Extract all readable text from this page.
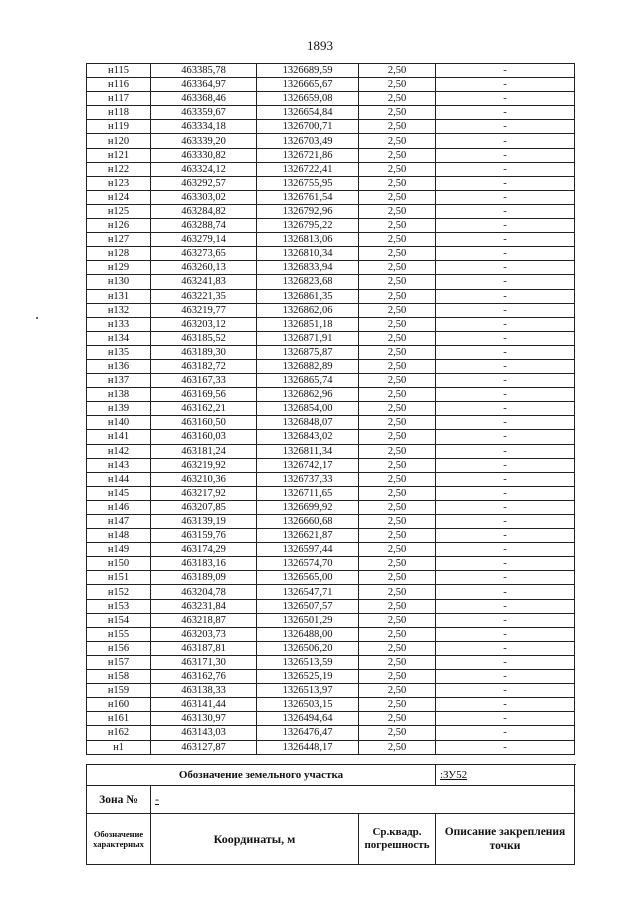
1893
н115	463385,78	1326689,59	2,50	-
н116	463364,97	1326665,67	2,50	-
н117	463368,46	1326659,08	2,50	-
н118	463359,67	1326654,84	2,50	-
н119	463334,18	1326700,71	2,50	-
н120	463339,20	1326703,49	2,50	-
н121	463330,82	1326721,86	2,50	-
н122	463324,12	1326722,41	2,50	-
н123	463292,57	1326755,95	2,50	-
н124	463303,02	1326761,54	2,50	-
н125	463284,82	1326792,96	2,50	-
н126	463288,74	1326795,22	2,50	-
н127	463279,14	1326813,06	2,50	-
н128	463273,65	1326810,34	2,50	-
н129	463260,13	1326833,94	2,50	-
н130	463241,83	1326823,68	2,50	-
н131	463221,35	1326861,35	2,50	-
н132	463219,77	1326862,06	2,50	-
н133	463203,12	1326851,18	2,50	-
н134	463185,52	1326871,91	2,50	-
н135	463189,30	1326875,87	2,50	-
н136	463182,72	1326882,89	2,50	-
н137	463167,33	1326865,74	2,50	-
н138	463169,56	1326862,96	2,50	-
н139	463162,21	1326854,00	2,50	-
н140	463160,50	1326848,07	2,50	-
н141	463160,03	1326843,02	2,50	-
н142	463181,24	1326811,34	2,50	-
н143	463219,92	1326742,17	2,50	-
н144	463210,36	1326737,33	2,50	-
н145	463217,92	1326711,65	2,50	-
н146	463207,85	1326699,92	2,50	-
н147	463139,19	1326660,68	2,50	-
н148	463159,76	1326621,87	2,50	-
н149	463174,29	1326597,44	2,50	-
н150	463183,16	1326574,70	2,50	-
н151	463189,09	1326565,00	2,50	-
н152	463204,78	1326547,71	2,50	-
н153	463231,84	1326507,57	2,50	-
н154	463218,87	1326501,29	2,50	-
н155	463203,73	1326488,00	2,50	-
н156	463187,81	1326506,20	2,50	-
н157	463171,30	1326513,59	2,50	-
н158	463162,76	1326525,19	2,50	-
н159	463138,33	1326513,97	2,50	-
н160	463141,44	1326503,15	2,50	-
н161	463130,97	1326494,64	2,50	-
н162	463143,03	1326476,47	2,50	-
н1	463127,87	1326448,17	2,50	-
Обозначение земельного участка			:ЗУ52
Зона №	-		
Обозначение характерных	Координаты, м	Ср.квадр. погрешность	Описание закрепления точки
